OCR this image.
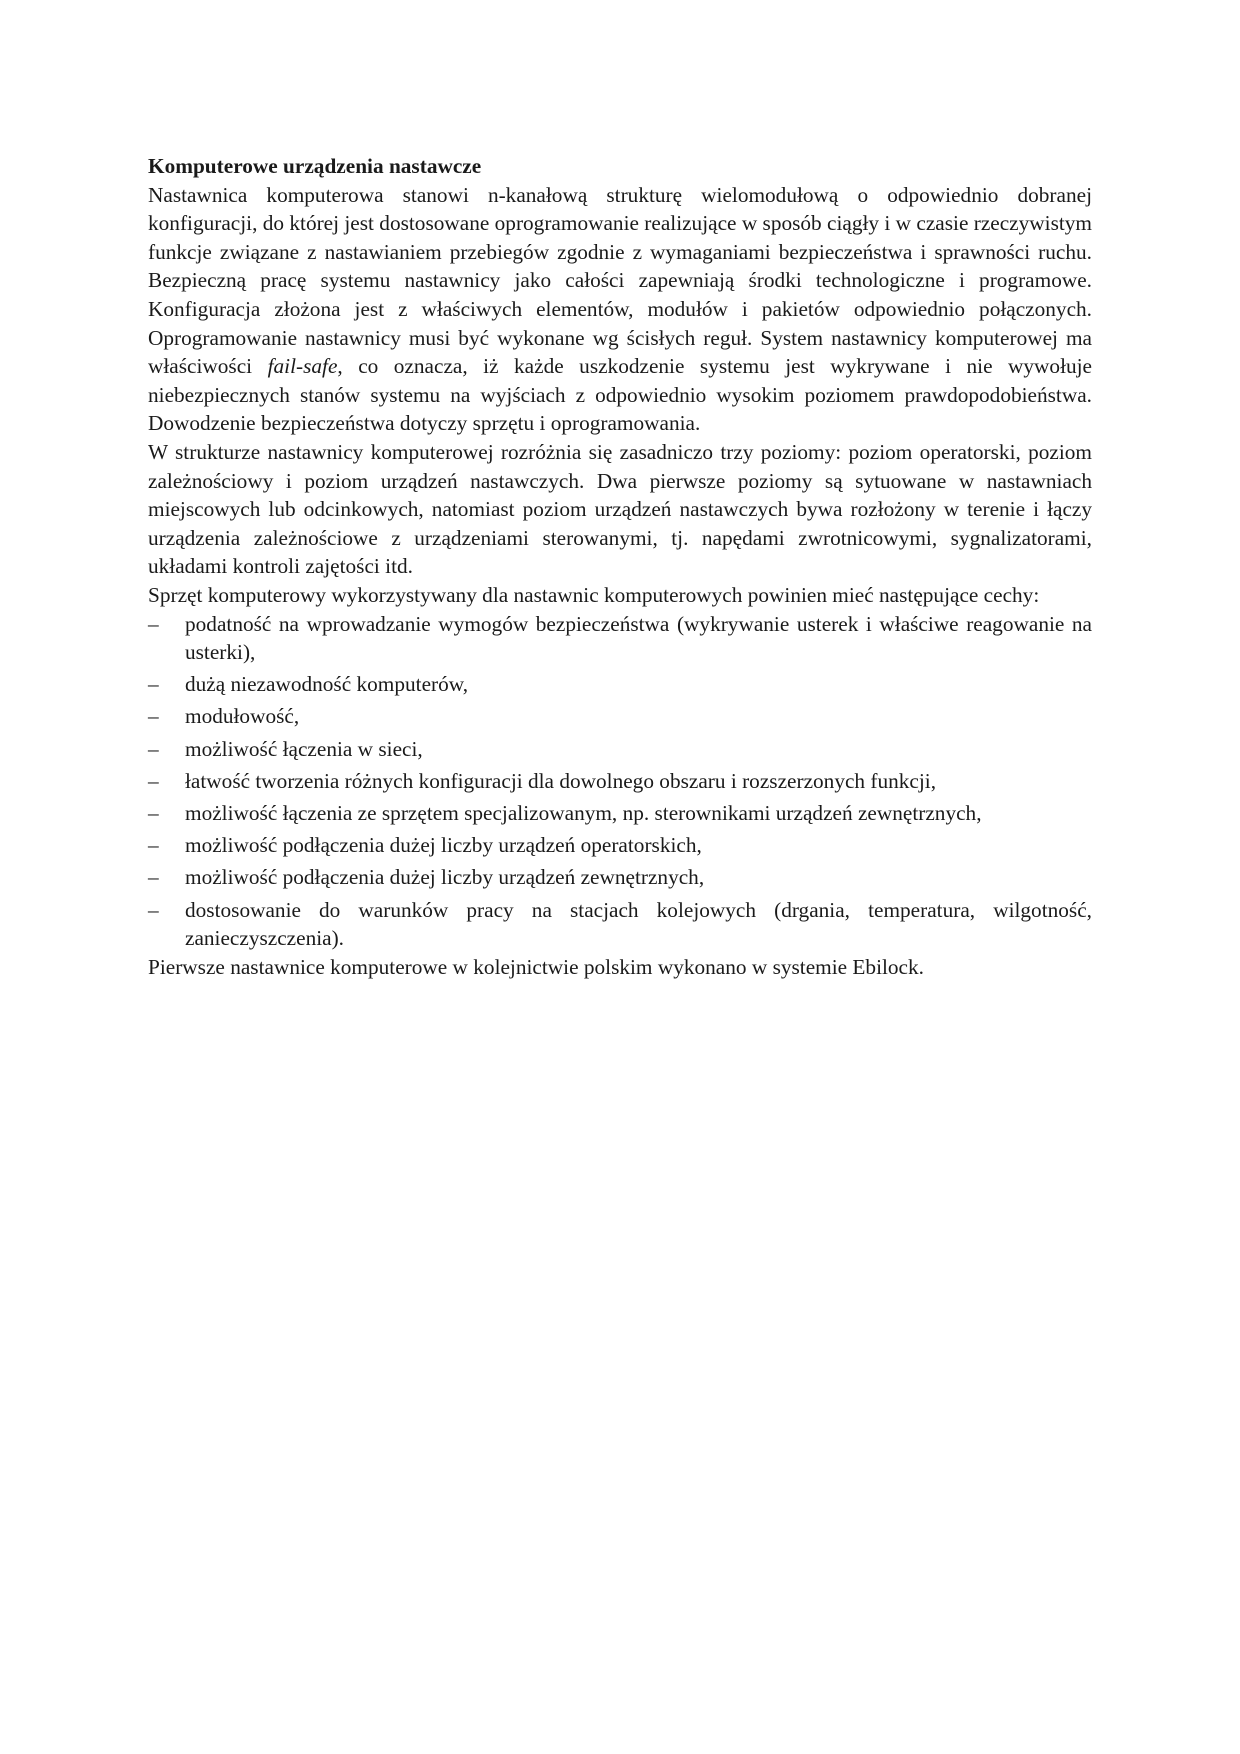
Komputerowe urządzenia nastawcze

Nastawnica komputerowa stanowi n-kanałową strukturę wielomodułową o odpowiednio dobranej konfiguracji, do której jest dostosowane oprogramowanie realizujące w sposób ciągły i w czasie rzeczywistym funkcje związane z nastawianiem przebiegów zgodnie z wymaganiami bezpieczeństwa i sprawności ruchu. Bezpieczną pracę systemu nastawnicy jako całości zapewniają środki technologiczne i programowe. Konfiguracja złożona jest z właściwych elementów, modułów i pakietów odpowiednio połączonych. Oprogramowanie nastawnicy musi być wykonane wg ścisłych reguł. System nastawnicy komputerowej ma właściwości fail-safe, co oznacza, iż każde uszkodzenie systemu jest wykrywane i nie wywołuje niebezpiecznych stanów systemu na wyjściach z odpowiednio wysokim poziomem prawdopodobieństwa. Dowodzenie bezpieczeństwa dotyczy sprzętu i oprogramowania.

W strukturze nastawnicy komputerowej rozróżnia się zasadniczo trzy poziomy: poziom operatorski, poziom zależnościowy i poziom urządzeń nastawczych. Dwa pierwsze poziomy są sytuowane w nastawniach miejscowych lub odcinkowych, natomiast poziom urządzeń nastawczych bywa rozłożony w terenie i łączy urządzenia zależnościowe z urządzeniami sterowanymi, tj. napędami zwrotnicowymi, sygnalizatorami, układami kontroli zajętości itd.

Sprzęt komputerowy wykorzystywany dla nastawnic komputerowych powinien mieć następujące cechy:

– podatność na wprowadzanie wymogów bezpieczeństwa (wykrywanie usterek i właściwe reagowanie na usterki),
– dużą niezawodność komputerów,
– modułowość,
– możliwość łączenia w sieci,
– łatwość tworzenia różnych konfiguracji dla dowolnego obszaru i rozszerzonych funkcji,
– możliwość łączenia ze sprzętem specjalizowanym, np. sterownikami urządzeń zewnętrznych,
– możliwość podłączenia dużej liczby urządzeń operatorskich,
– możliwość podłączenia dużej liczby urządzeń zewnętrznych,
– dostosowanie do warunków pracy na stacjach kolejowych (drgania, temperatura, wilgotność, zanieczyszczenia).

Pierwsze nastawnice komputerowe w kolejnictwie polskim wykonano w systemie Ebilock.
